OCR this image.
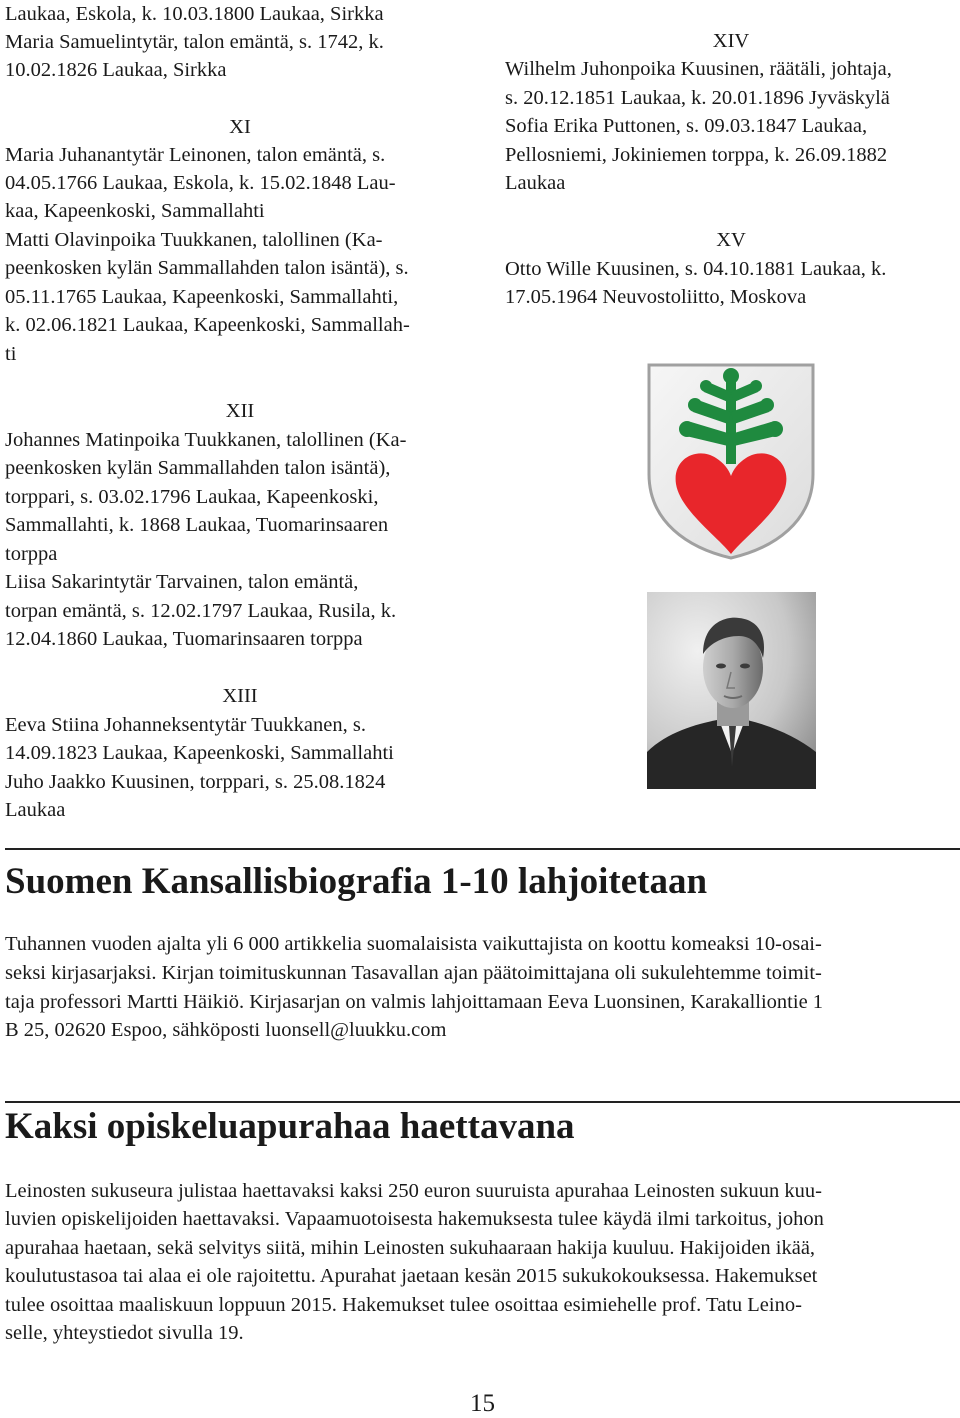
Laukaa, Eskola, k. 10.03.1800 Laukaa, Sirkka
Maria Samuelintytär, talon emäntä, s. 1742, k.
10.02.1826 Laukaa, Sirkka
XI
Maria Juhanantytär Leinonen, talon emäntä, s.
04.05.1766 Laukaa, Eskola, k. 15.02.1848 Lau-
kaa, Kapeenkoski, Sammallahti
Matti Olavinpoika Tuukkanen, talollinen (Ka-
peenkosken kylän Sammallahden talon isäntä), s.
05.11.1765 Laukaa, Kapeenkoski, Sammallahti,
k. 02.06.1821 Laukaa, Kapeenkoski, Sammallah-
ti
XII
Johannes Matinpoika Tuukkanen, talollinen (Ka-
peenkosken kylän Sammallahden talon isäntä),
torppari, s. 03.02.1796 Laukaa, Kapeenkoski,
Sammallahti, k. 1868 Laukaa, Tuomarinsaaren
torppa
Liisa Sakarintytär Tarvainen, talon emäntä,
torpan emäntä, s. 12.02.1797 Laukaa, Rusila, k.
12.04.1860 Laukaa, Tuomarinsaaren torppa
XIII
Eeva Stiina Johanneksentytär Tuukkanen, s.
14.09.1823 Laukaa, Kapeenkoski, Sammallahti
Juho Jaakko Kuusinen, torppari, s. 25.08.1824
Laukaa
XIV
Wilhelm Juhonpoika Kuusinen, räätäli, johtaja,
s. 20.12.1851 Laukaa, k. 20.01.1896 Jyväskylä
Sofia Erika Puttonen, s. 09.03.1847 Laukaa,
Pellosniemi, Jokiniemen torppa, k. 26.09.1882
Laukaa
XV
Otto Wille Kuusinen, s. 04.10.1881 Laukaa, k.
17.05.1964 Neuvostoliitto, Moskova
Suomen Kansallisbiografia 1-10 lahjoitetaan
Tuhannen vuoden ajalta yli 6 000 artikkelia suomalaisista vaikuttajista on koottu komeaksi 10-osai-
seksi kirjasarjaksi. Kirjan toimituskunnan Tasavallan ajan päätoimittajana oli sukulehtemme toimit-
taja professori Martti Häikiö. Kirjasarjan on valmis lahjoittamaan Eeva Luonsinen, Karakalliontie 1
B 25, 02620 Espoo, sähköposti luonsell@luukku.com
Kaksi opiskeluapurahaa haettavana
Leinosten sukuseura julistaa haettavaksi kaksi 250 euron suuruista apurahaa Leinosten sukuun kuu-
luvien opiskelijoiden haettavaksi. Vapaamuotoisesta hakemuksesta tulee käydä ilmi tarkoitus, johon
apurahaa haetaan, sekä selvitys siitä, mihin Leinosten sukuhaaraan hakija kuuluu. Hakijoiden ikää,
koulutustasoa tai alaa ei ole rajoitettu. Apurahat jaetaan kesän 2015 sukukokouksessa. Hakemukset
tulee osoittaa maaliskuun loppuun 2015. Hakemukset tulee osoittaa esimiehelle prof. Tatu Leino-
selle, yhteystiedot sivulla 19.
15
